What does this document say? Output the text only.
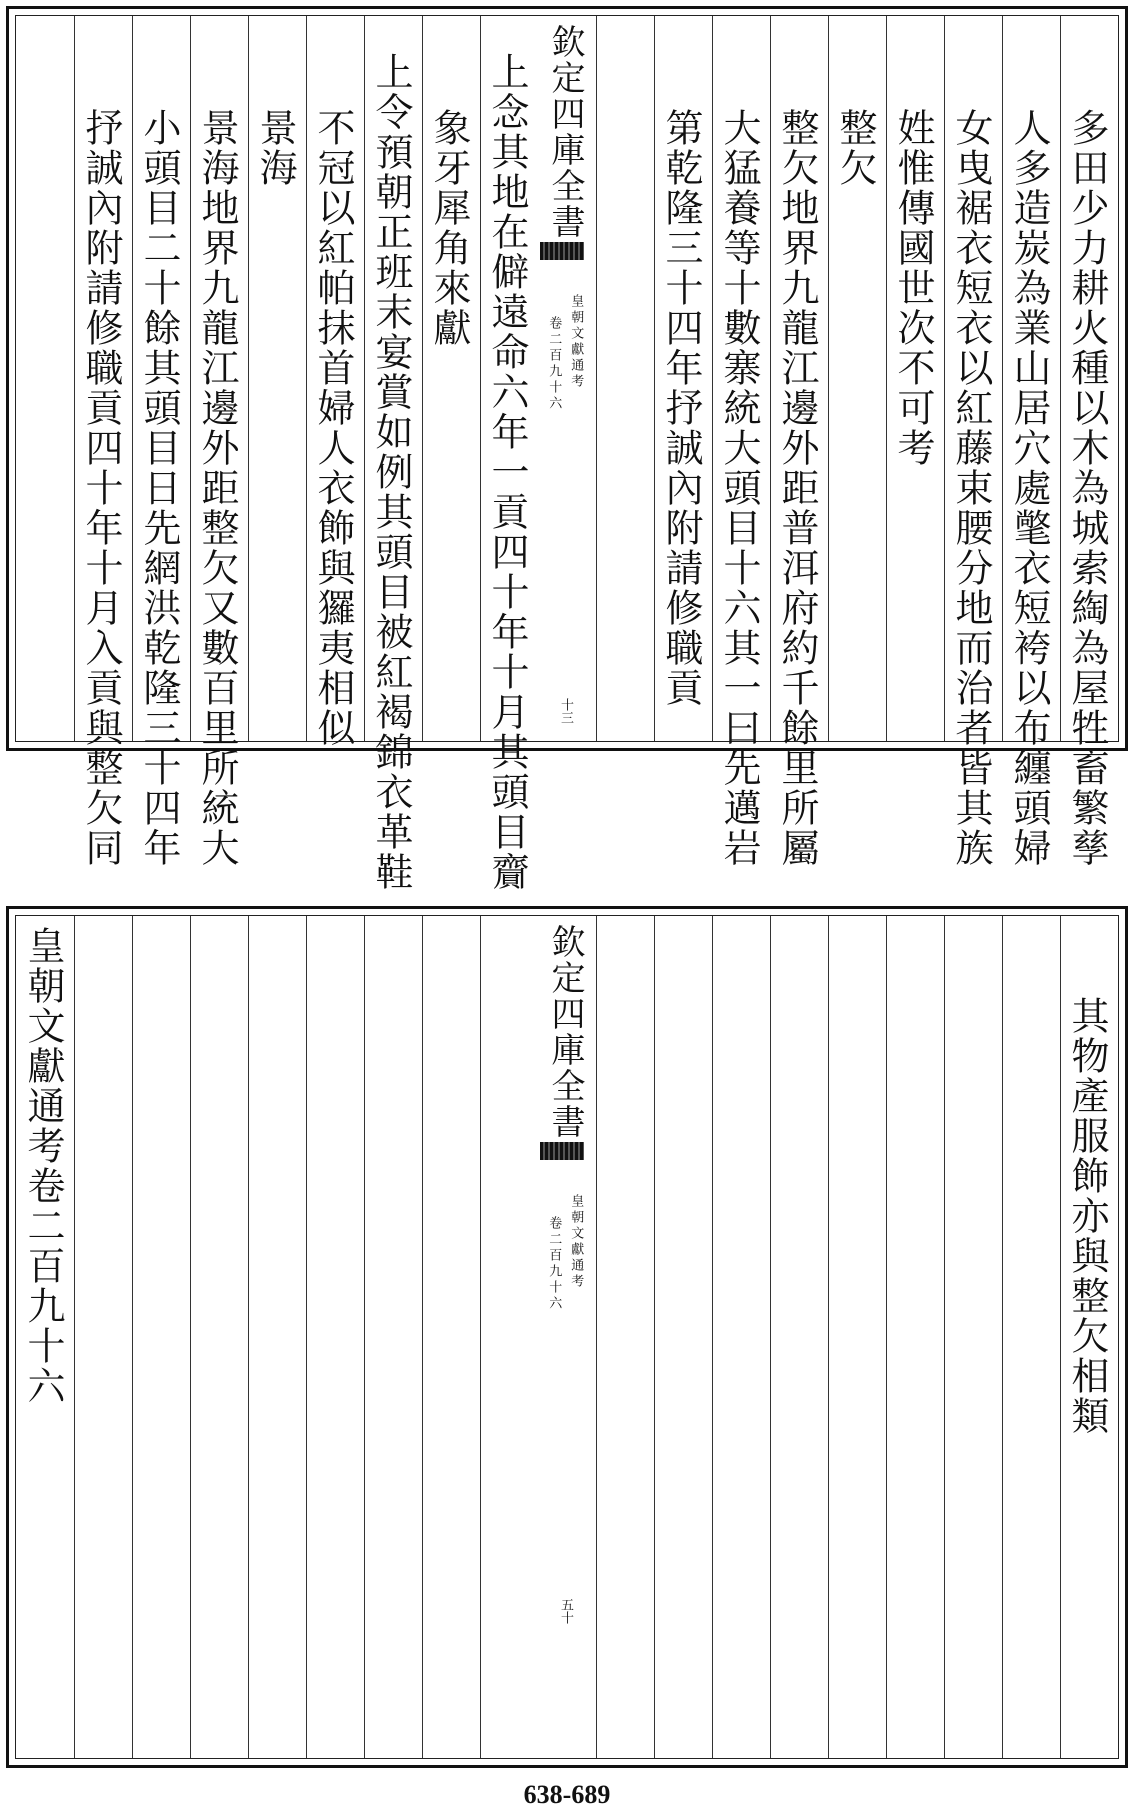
欽定四庫全書
皇朝文獻通考
卷二百九十六
十三	多田少力耕火種以木為城索綯為屋牲畜繁孳
人多造炭為業山居穴處氅衣短袴以布纏頭婦
女曳裾衣短衣以紅藤束腰分地而治者皆其族
姓惟傳國世次不可考
整欠
整欠地界九龍江邊外距普洱府約千餘里所屬
大猛養等十數寨統大頭目十六其一曰先邁岩
第乾隆三十四年抒誠內附請修職貢
上念其地在僻遠命六年一貢四十年十月其頭目齎
象牙犀角來獻
上令預朝正班末宴賞如例其頭目被紅褐錦衣革鞋
不冠以紅帕抹首婦人衣飾與玀夷相似
景海
景海地界九龍江邊外距整欠又數百里所統大
小頭目二十餘其頭目日先網洪乾隆三十四年
抒誠內附請修職貢四十年十月入貢與整欠同
欽定四庫全書
皇朝文獻通考
卷二百九十六
五十
其物產服飾亦與整欠相類
皇朝文獻通考卷二百九十六
638-689
